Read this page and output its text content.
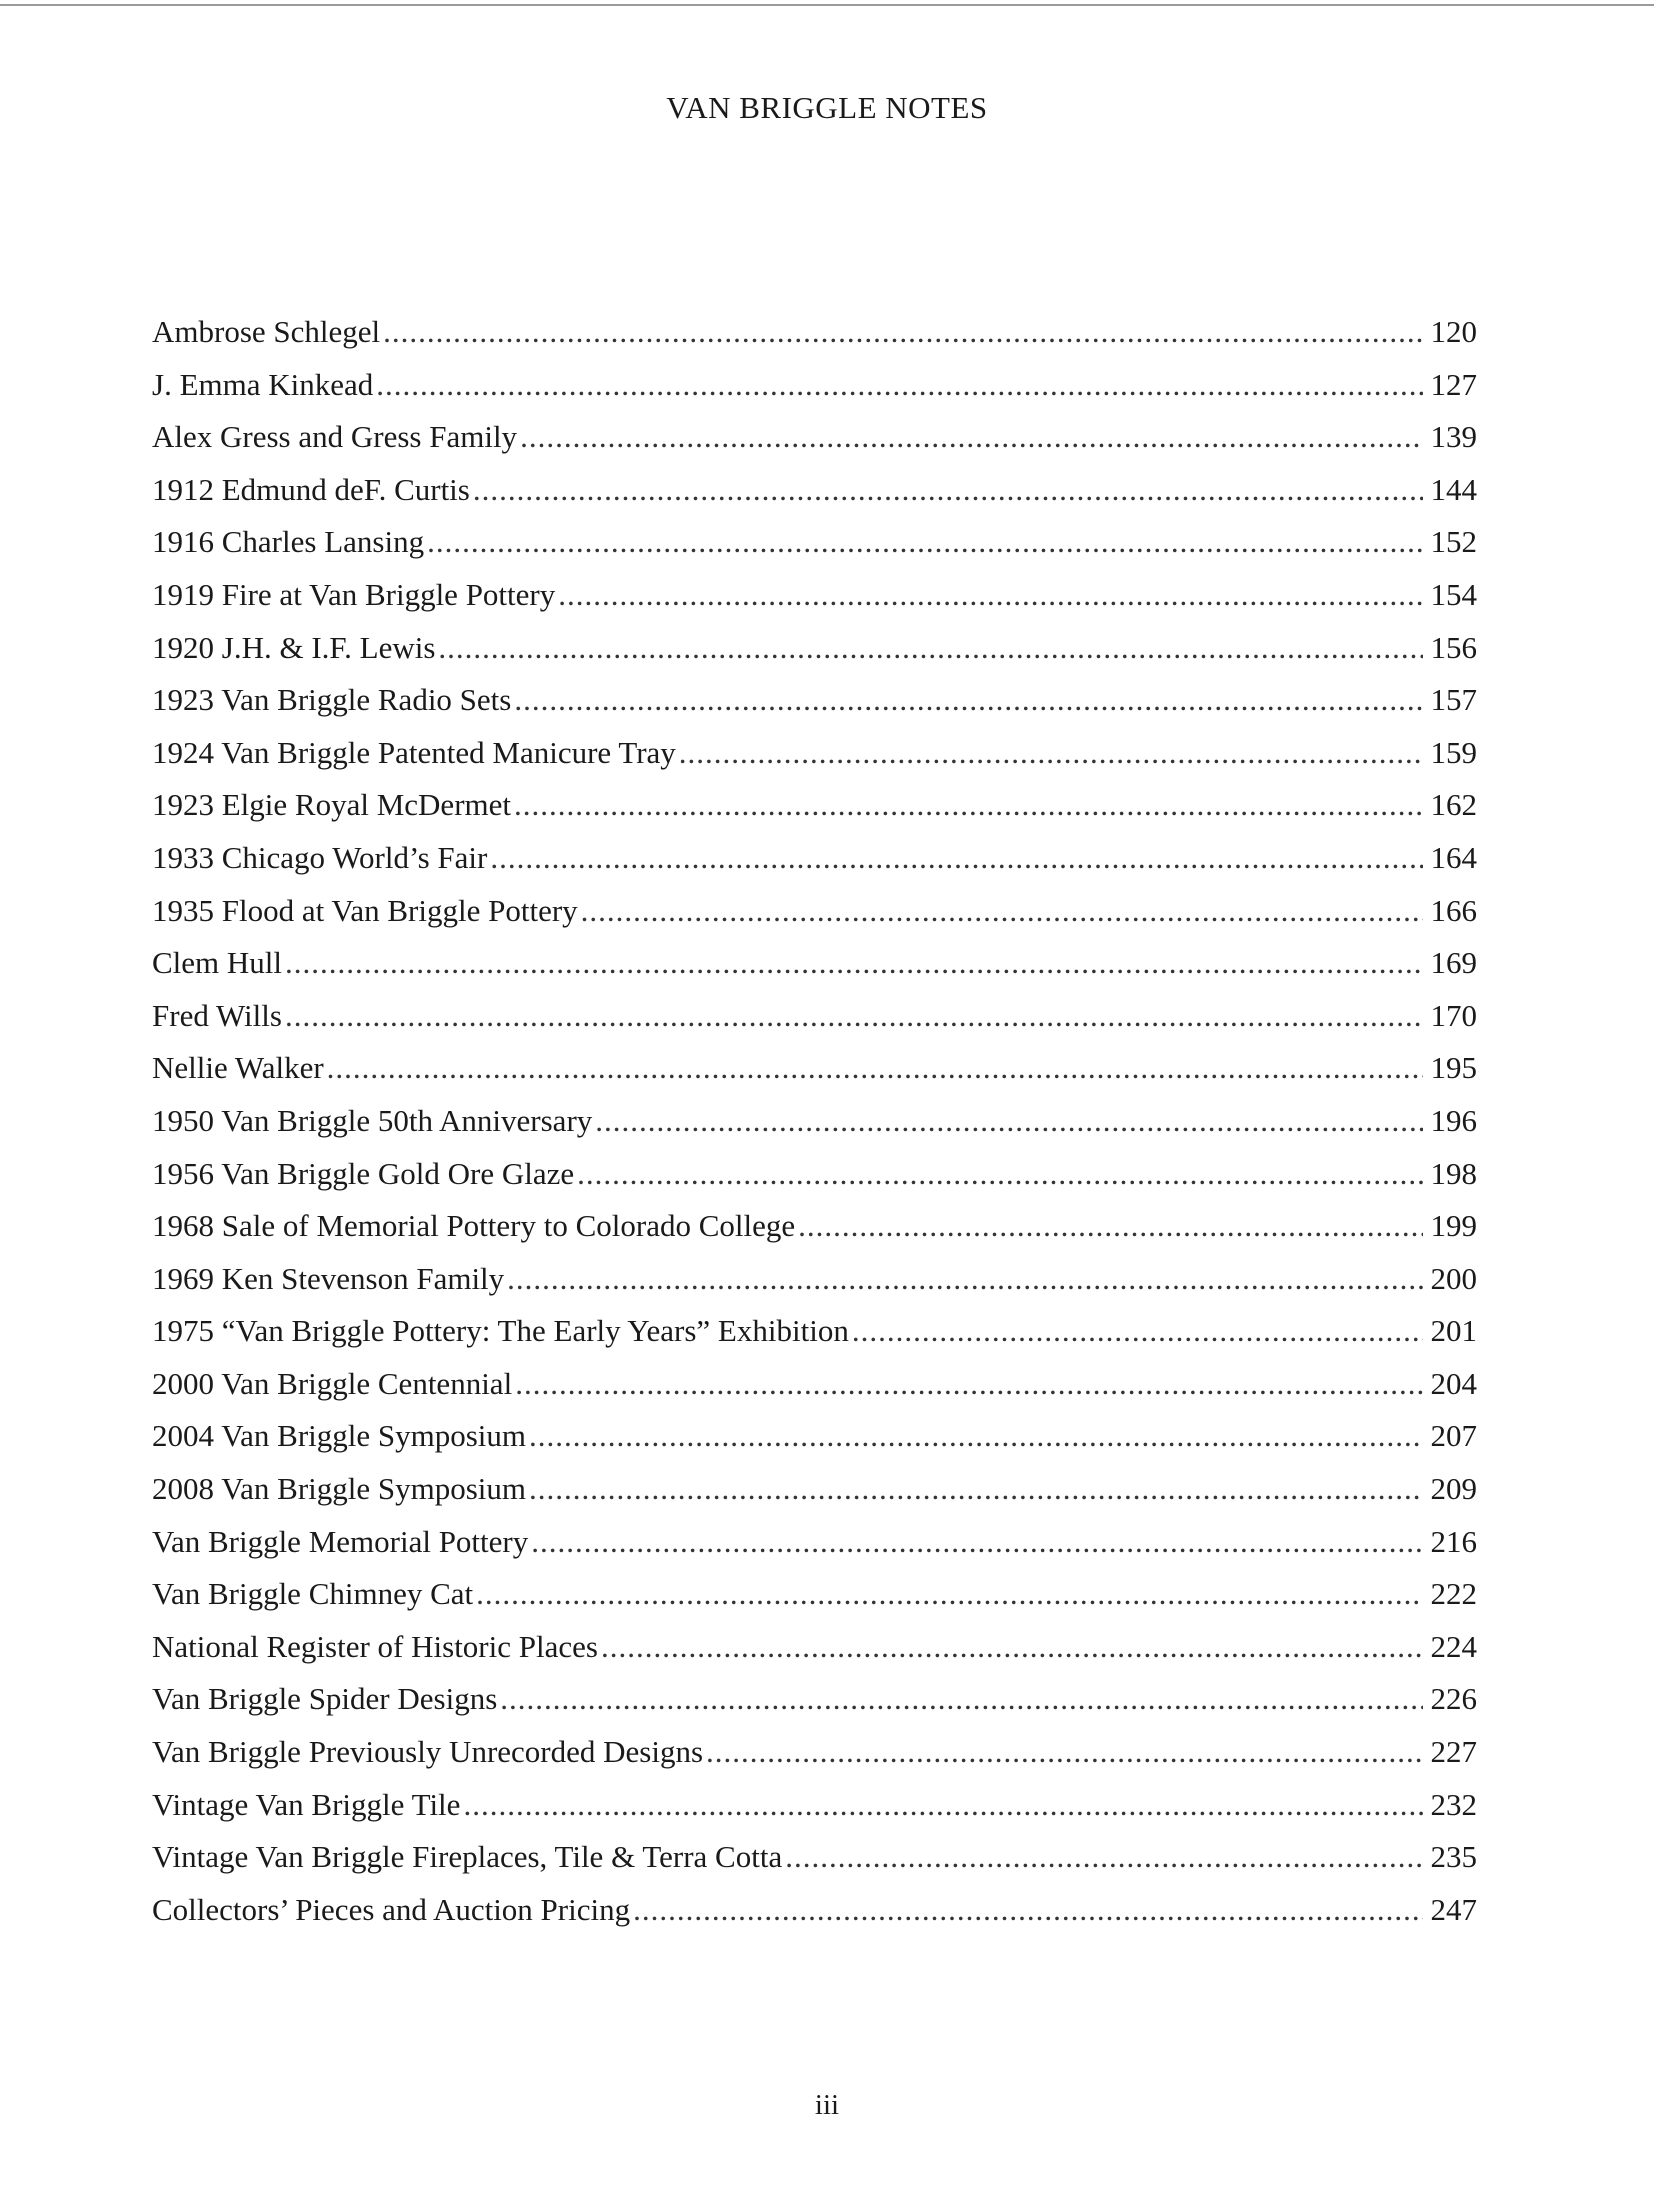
VAN BRIGGLE NOTES
Ambrose Schlegel .....	120
J. Emma Kinkead .....	127
Alex Gress and Gress Family .....	139
1912 Edmund deF. Curtis .....	144
1916 Charles Lansing .....	152
1919 Fire at Van Briggle Pottery .....	154
1920 J.H. & I.F. Lewis .....	156
1923 Van Briggle Radio Sets .....	157
1924 Van Briggle Patented Manicure Tray .....	159
1923 Elgie Royal McDermet .....	162
1933 Chicago World’s Fair .....	164
1935 Flood at Van Briggle Pottery .....	166
Clem Hull .....	169
Fred Wills .....	170
Nellie Walker .....	195
1950 Van Briggle 50th Anniversary .....	196
1956 Van Briggle Gold Ore Glaze .....	198
1968 Sale of Memorial Pottery to Colorado College .....	199
1969 Ken Stevenson Family .....	200
1975 “Van Briggle Pottery: The Early Years” Exhibition .....	201
2000 Van Briggle Centennial .....	204
2004 Van Briggle Symposium .....	207
2008 Van Briggle Symposium .....	209
Van Briggle Memorial Pottery .....	216
Van Briggle Chimney Cat .....	222
National Register of Historic Places .....	224
Van Briggle Spider Designs .....	226
Van Briggle Previously Unrecorded Designs .....	227
Vintage Van Briggle Tile .....	232
Vintage Van Briggle Fireplaces, Tile & Terra Cotta .....	235
Collectors’ Pieces and Auction Pricing .....	247
iii
